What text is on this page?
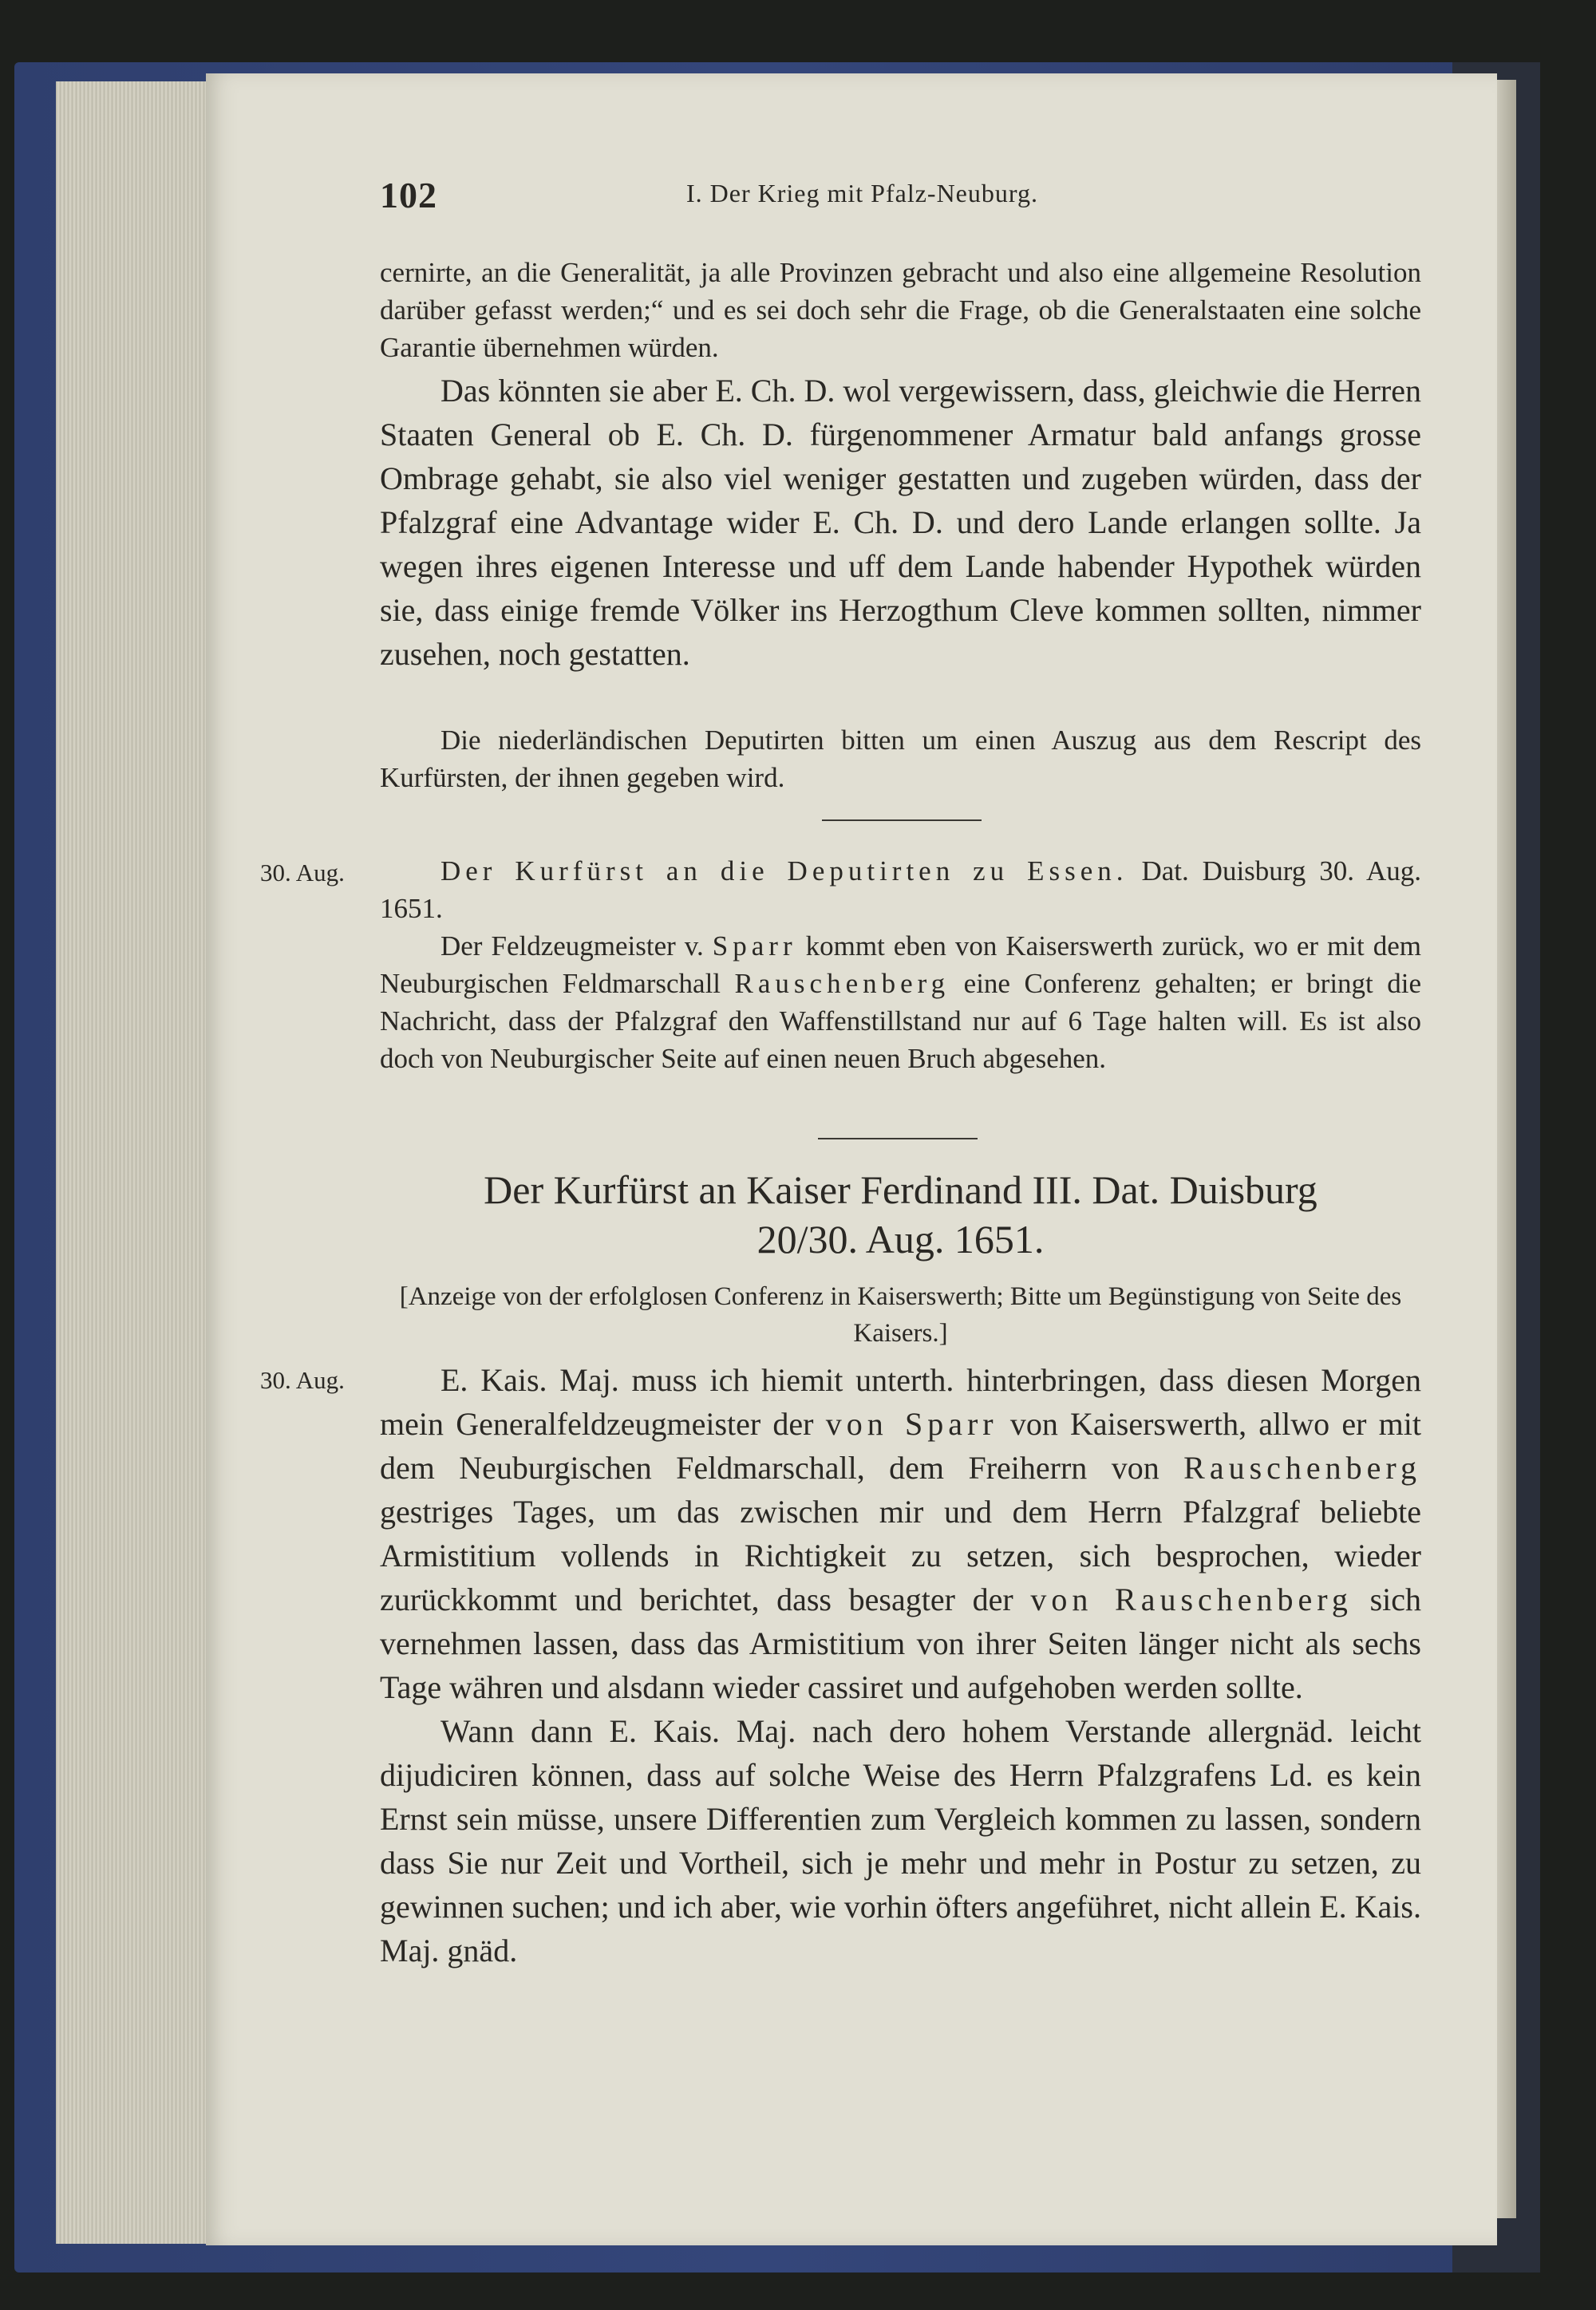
102	I. Der Krieg mit Pfalz-Neuburg.

cernirte, an die Generalität, ja alle Provinzen gebracht und also eine allgemeine Resolution darüber gefasst werden;“ und es sei doch sehr die Frage, ob die Generalstaaten eine solche Garantie übernehmen würden.

Das könnten sie aber E. Ch. D. wol vergewissern, dass, gleichwie die Herren Staaten General ob E. Ch. D. fürgenommener Armatur bald anfangs grosse Ombrage gehabt, sie also viel weniger gestatten und zugeben würden, dass der Pfalzgraf eine Advantage wider E. Ch. D. und dero Lande erlangen sollte. Ja wegen ihres eigenen Interesse und uff dem Lande habender Hypothek würden sie, dass einige fremde Völker ins Herzogthum Cleve kommen sollten, nimmer zusehen, noch gestatten.

Die niederländischen Deputirten bitten um einen Auszug aus dem Rescript des Kurfürsten, der ihnen gegeben wird.

30. Aug.	Der Kurfürst an die Deputirten zu Essen. Dat. Duisburg 30. Aug. 1651.

Der Feldzeugmeister v. Sparr kommt eben von Kaiserswerth zurück, wo er mit dem Neuburgischen Feldmarschall Rauschenberg eine Conferenz gehalten; er bringt die Nachricht, dass der Pfalzgraf den Waffenstillstand nur auf 6 Tage halten will. Es ist also doch von Neuburgischer Seite auf einen neuen Bruch abgesehen.

Der Kurfürst an Kaiser Ferdinand III. Dat. Duisburg
20/30. Aug. 1651.
[Anzeige von der erfolglosen Conferenz in Kaiserswerth; Bitte um Begünstigung von Seite des Kaisers.]
30. Aug.	E. Kais. Maj. muss ich hiemit unterth. hinterbringen, dass diesen Morgen mein Generalfeldzeugmeister der von Sparr von Kaiserswerth, allwo er mit dem Neuburgischen Feldmarschall, dem Freiherrn von Rauschenberg gestriges Tages, um das zwischen mir und dem Herrn Pfalzgraf beliebte Armistitium vollends in Richtigkeit zu setzen, sich besprochen, wieder zurückkommt und berichtet, dass besagter der von Rauschenberg sich vernehmen lassen, dass das Armistitium von ihrer Seiten länger nicht als sechs Tage währen und alsdann wieder cassiret und aufgehoben werden sollte.

Wann dann E. Kais. Maj. nach dero hohem Verstande allergnäd. leicht dijudiciren können, dass auf solche Weise des Herrn Pfalzgrafens Ld. es kein Ernst sein müsse, unsere Differentien zum Vergleich kommen zu lassen, sondern dass Sie nur Zeit und Vortheil, sich je mehr und mehr in Postur zu setzen, zu gewinnen suchen; und ich aber, wie vorhin öfters angeführet, nicht allein E. Kais. Maj. gnäd.
